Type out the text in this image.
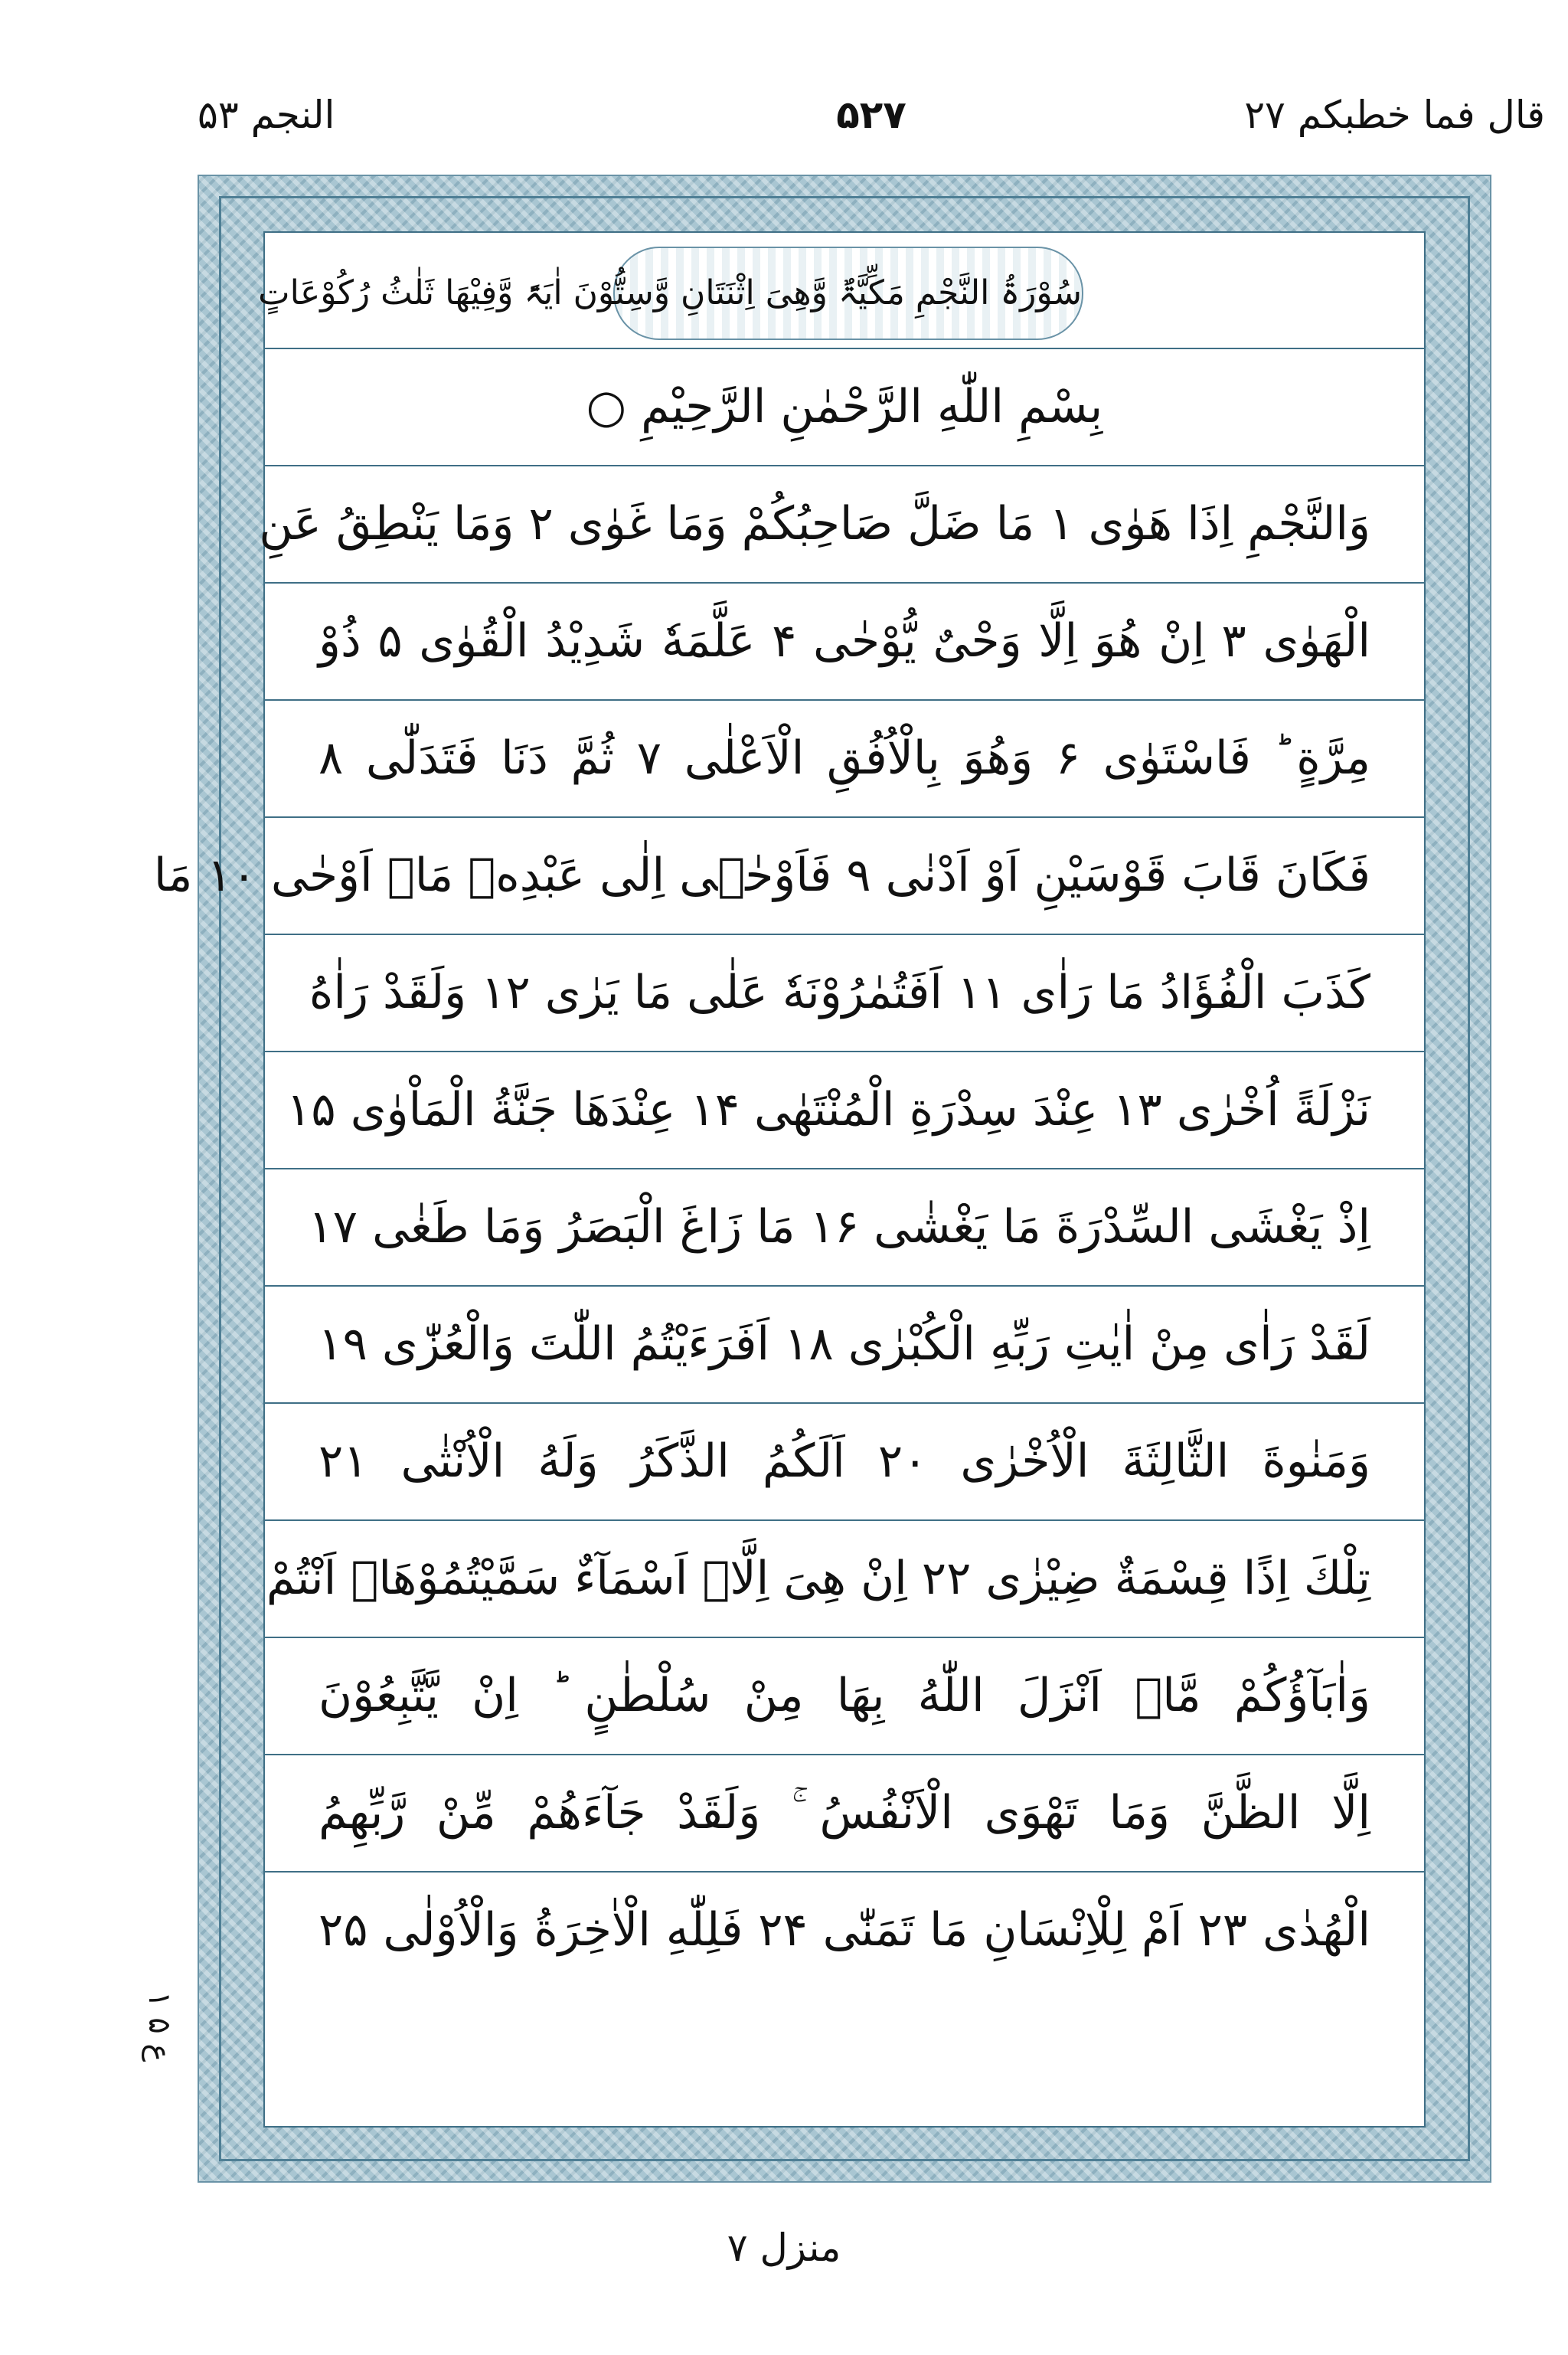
قال فما خطبکم ۲۷
۵۲۷
النجم ۵۳
سُوْرَۃُ النَّجْمِ مَکِّیَّۃٌ وَّهِیَ اِثْنَتَانِ وَّسِتُّوْنَ اٰیَۃً وَّفِیْهَا ثَلٰثُ رُکُوْعَاتٍ
بِسْمِ اللّٰهِ الرَّحْمٰنِ الرَّحِیْمِ ○
وَالنَّجْمِ اِذَا هَوٰی ۱ مَا ضَلَّ صَاحِبُكُمْ وَمَا غَوٰی ۲ وَمَا يَنْطِقُ عَنِ
الْهَوٰی ۳ اِنْ هُوَ اِلَّا وَحْیٌ يُّوْحٰی ۴ عَلَّمَهٗ شَدِيْدُ الْقُوٰی ۵ ذُوْ
مِرَّةٍ ؕ فَاسْتَوٰی ۶ وَهُوَ بِالْاُفُقِ الْاَعْلٰی ۷ ثُمَّ دَنَا فَتَدَلّٰی ۸
فَكَانَ قَابَ قَوْسَيْنِ اَوْ اَدْنٰی ۹ فَاَوْحٰۤی اِلٰی عَبْدِهٖ مَاۤ اَوْحٰی ۱۰ مَا
كَذَبَ الْفُؤَادُ مَا رَاٰی ۱۱ اَفَتُمٰرُوْنَهٗ عَلٰی مَا يَرٰی ۱۲ وَلَقَدْ رَاٰهُ
نَزْلَةً اُخْرٰی ۱۳ عِنْدَ سِدْرَةِ الْمُنْتَهٰی ۱۴ عِنْدَهَا جَنَّةُ الْمَاْوٰی ۱۵
اِذْ يَغْشَی السِّدْرَةَ مَا يَغْشٰی ۱۶ مَا زَاغَ الْبَصَرُ وَمَا طَغٰی ۱۷
لَقَدْ رَاٰی مِنْ اٰيٰتِ رَبِّهِ الْكُبْرٰی ۱۸ اَفَرَءَيْتُمُ اللّٰتَ وَالْعُزّٰی ۱۹
وَمَنٰوةَ الثَّالِثَةَ الْاُخْرٰی ۲۰ اَلَكُمُ الذَّكَرُ وَلَهُ الْاُنْثٰی ۲۱
تِلْكَ اِذًا قِسْمَةٌ ضِيْزٰی ۲۲ اِنْ هِیَ اِلَّاۤ اَسْمَآءٌ سَمَّيْتُمُوْهَاۤ اَنْتُمْ
وَاٰبَآؤُكُمْ مَّاۤ اَنْزَلَ اللّٰهُ بِهَا مِنْ سُلْطٰنٍ ؕ اِنْ يَّتَّبِعُوْنَ
اِلَّا الظَّنَّ وَمَا تَهْوَی الْاَنْفُسُ ۚ وَلَقَدْ جَآءَهُمْ مِّنْ رَّبِّهِمُ
الْهُدٰی ۲۳ اَمْ لِلْاِنْسَانِ مَا تَمَنّٰی ۲۴ فَلِلّٰهِ الْاٰخِرَةُ وَالْاُوْلٰی ۲۵
ع ۵ ۱
منزل ۷
